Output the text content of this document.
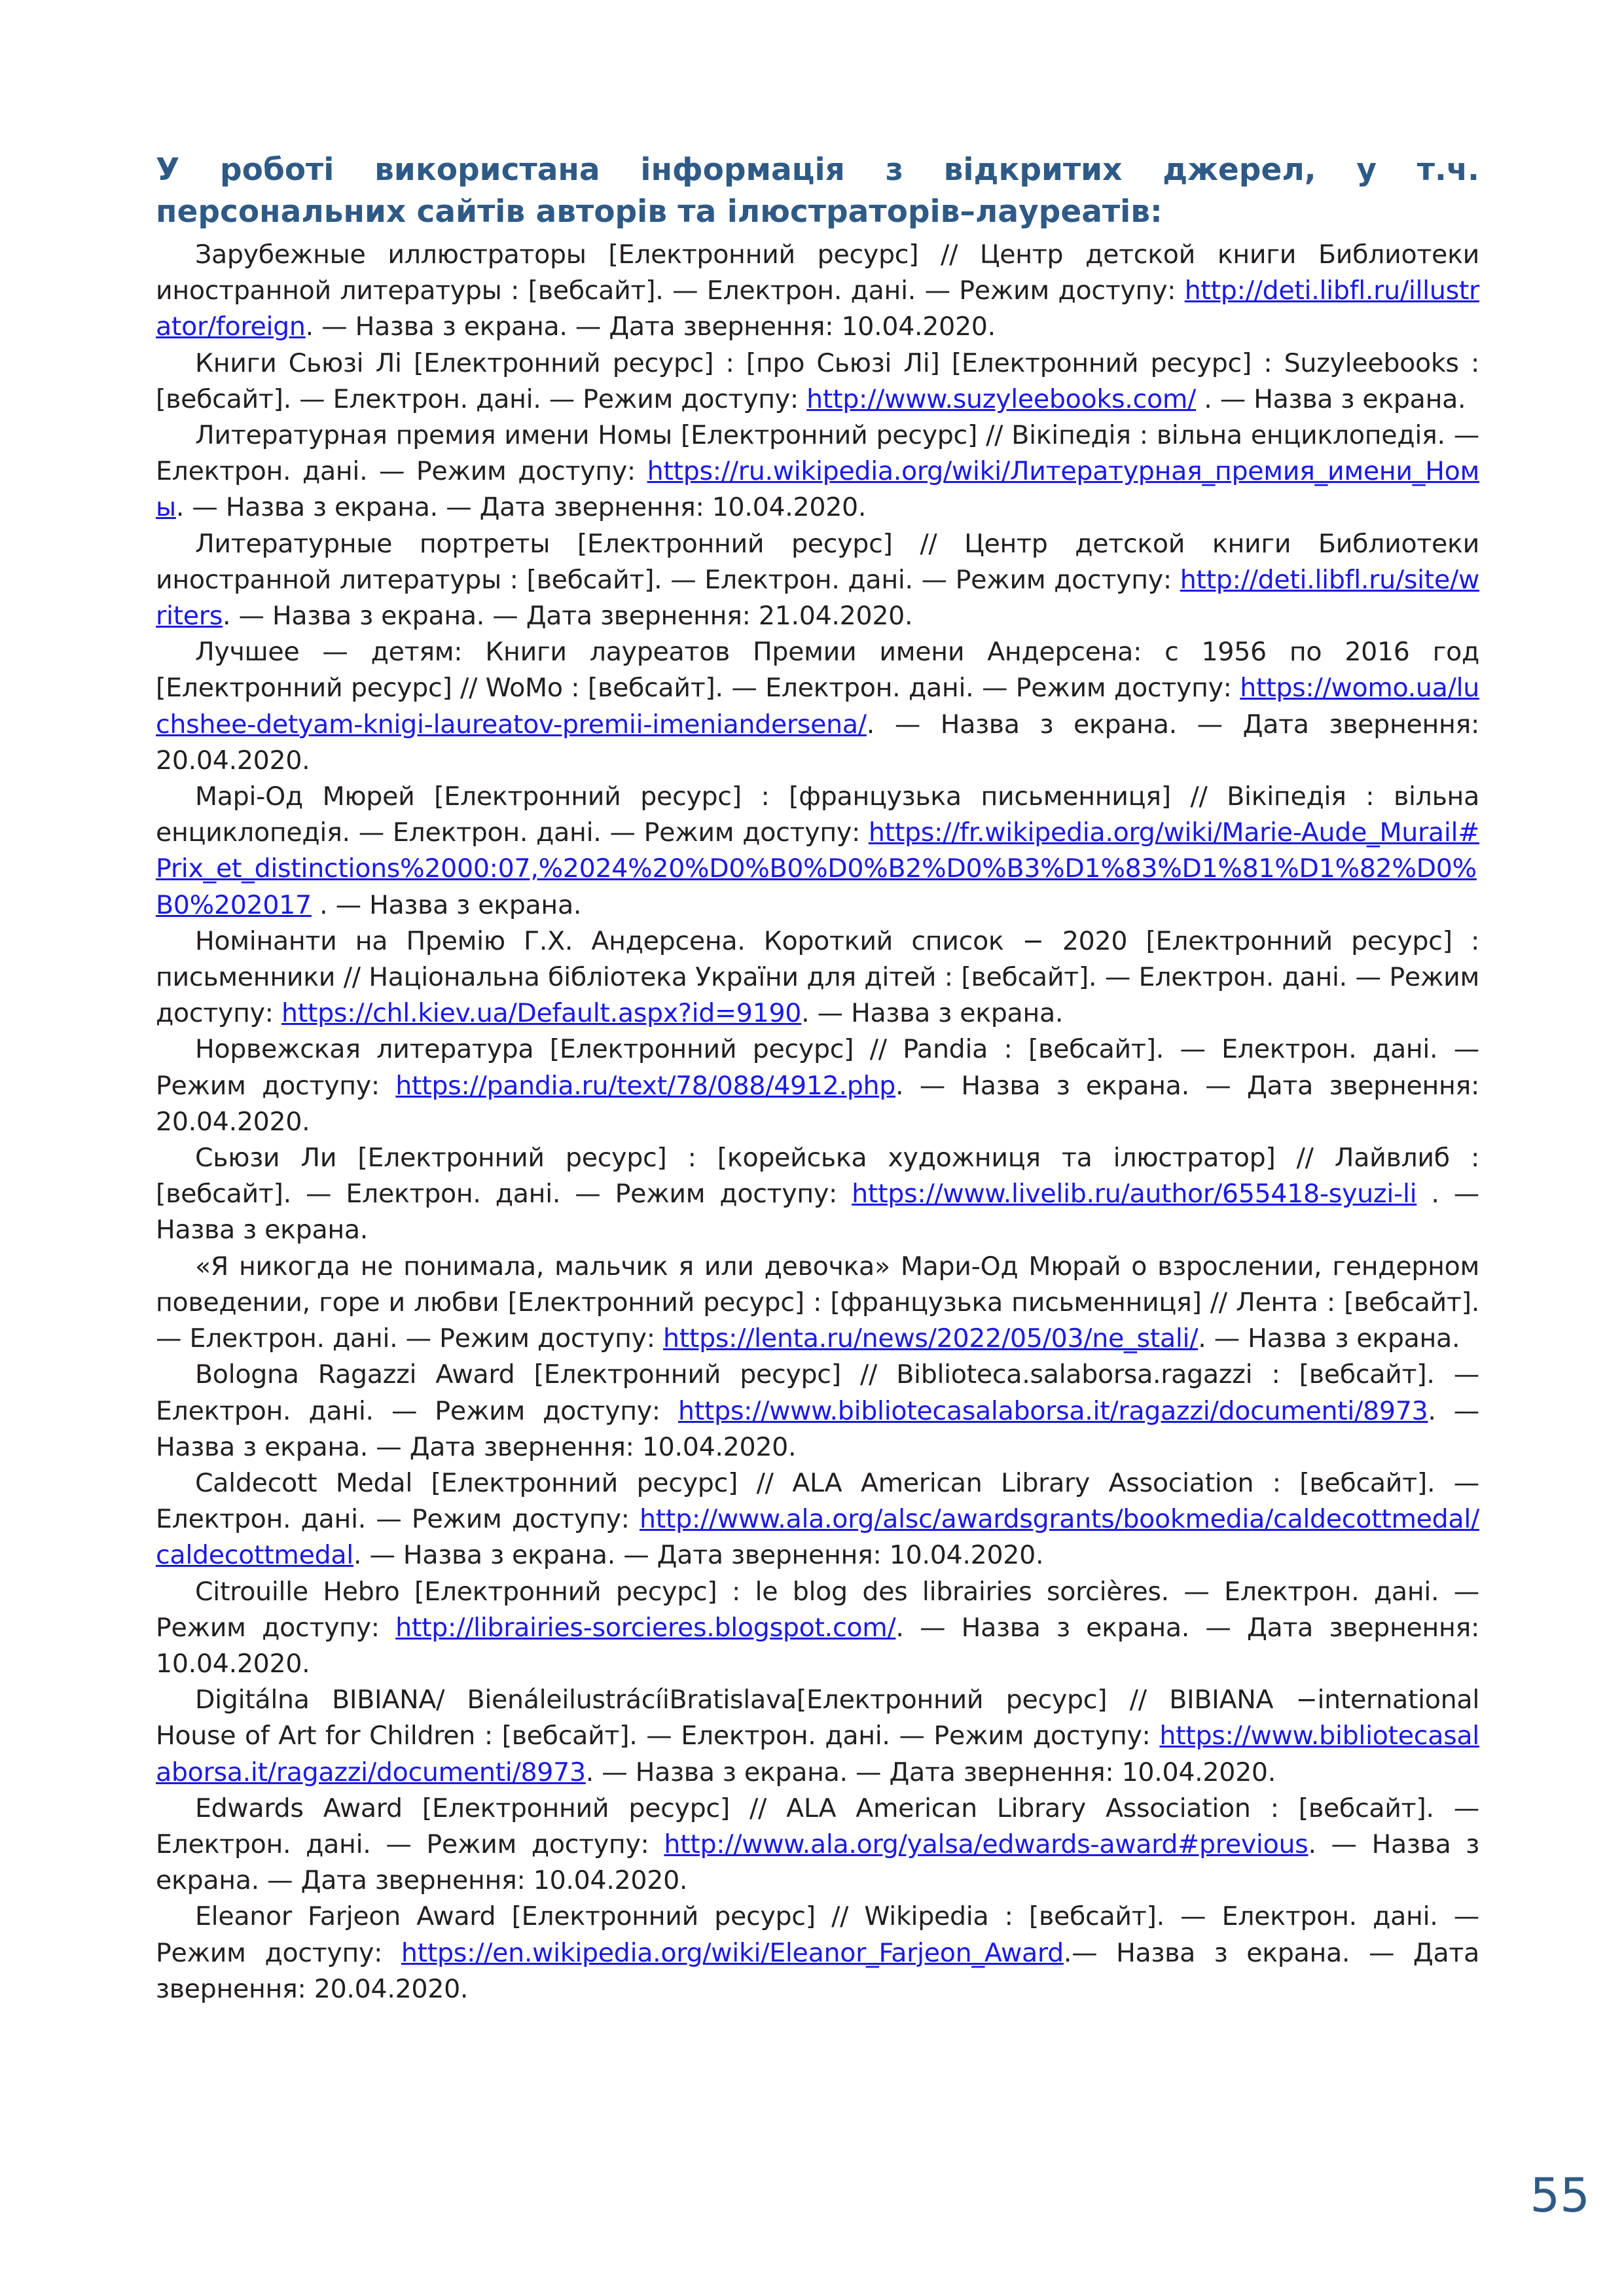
У роботі використана інформація з відкритих джерел, у т.ч. персональних сайтів авторів та ілюстраторів–лауреатів:
Зарубежные иллюстраторы [Електронний ресурс] // Центр детской книги Библиотеки иностранной литературы : [вебсайт]. — Електрон. дані. — Режим доступу: http://deti.libfl.ru/illustrator/foreign. — Назва з екрана. — Дата звернення: 10.04.2020.
Книги Сьюзі Лі [Електронний ресурс] : [про Сьюзі Лі] [Електронний ресурс] : Suzyleebooks : [вебсайт]. — Електрон. дані. — Режим доступу: http://www.suzyleebooks.com/ . — Назва з екрана.
Литературная премия имени Номы [Електронний ресурс] // Вікіпедія : вільна енциклопедія. — Електрон. дані. — Режим доступу: https://ru.wikipedia.org/wiki/Литературная_премия_имени_Номы. — Назва з екрана. — Дата звернення: 10.04.2020.
Литературные портреты [Електронний ресурс] // Центр детской книги Библиотеки иностранной литературы : [вебсайт]. — Електрон. дані. — Режим доступу: http://deti.libfl.ru/site/writers. — Назва з екрана. — Дата звернення: 21.04.2020.
Лучшее — детям: Книги лауреатов Премии имени Андерсена: с 1956 по 2016 год [Електронний ресурс] // WoMo : [вебсайт]. — Електрон. дані. — Режим доступу: https://womo.ua/luchshee-detyam-knigi-laureatov-premii-imeniandersena/. — Назва з екрана. — Дата звернення: 20.04.2020.
Марі-Од Мюрей [Електронний ресурс] : [французька письменниця] // Вікіпедія : вільна енциклопедія. — Електрон. дані. — Режим доступу: https://fr.wikipedia.org/wiki/Marie-Aude_Murail#Prix_et_distinctions%2000:07,%2024%20%D0%B0%D0%B2%D0%B3%D1%83%D1%81%D1%82%D0%B0%202017 . — Назва з екрана.
Номінанти на Премію Г.Х. Андерсена. Короткий список − 2020 [Електронний ресурс] : письменники // Національна бібліотека України для дітей : [вебсайт]. — Електрон. дані. — Режим доступу: https://chl.kiev.ua/Default.aspx?id=9190. — Назва з екрана.
Норвежская литература [Електронний ресурс] // Pandia : [вебсайт]. — Електрон. дані. — Режим доступу: https://pandia.ru/text/78/088/4912.php. — Назва з екрана. — Дата звернення: 20.04.2020.
Сьюзи Ли [Електронний ресурс] : [корейська художниця та ілюстратор] // Лайвлиб : [вебсайт]. — Електрон. дані. — Режим доступу: https://www.livelib.ru/author/655418-syuzi-li . — Назва з екрана.
«Я никогда не понимала, мальчик я или девочка» Мари-Од Мюрай о взрослении, гендерном поведении, горе и любви [Електронний ресурс] : [французька письменниця] // Лента : [вебсайт]. — Електрон. дані. — Режим доступу: https://lenta.ru/news/2022/05/03/ne_stali/. — Назва з екрана.
Bologna Ragazzi Award [Електронний ресурс] // Biblioteca.salaborsa.ragazzi : [вебсайт]. — Електрон. дані. — Режим доступу: https://www.bibliotecasalaborsa.it/ragazzi/documenti/8973. — Назва з екрана. — Дата звернення: 10.04.2020.
Caldecott Medal [Електронний ресурс] // ALA American Library Association : [вебсайт]. — Електрон. дані. — Режим доступу: http://www.ala.org/alsc/awardsgrants/bookmedia/caldecottmedal/caldecottmedal. — Назва з екрана. — Дата звернення: 10.04.2020.
Citrouille Hebro [Електронний ресурс] : le blog des librairies sorcières. — Електрон. дані. — Режим доступу: http://librairies-sorcieres.blogspot.com/. — Назва з екрана. — Дата звернення: 10.04.2020.
Digitálna BIBIANA/ BienáleilustrácíiBratislava[Електронний ресурс] // BIBIANA −international House of Art for Children : [вебсайт]. — Електрон. дані. — Режим доступу: https://www.bibliotecasalaborsa.it/ragazzi/documenti/8973. — Назва з екрана. — Дата звернення: 10.04.2020.
Edwards Award [Електронний ресурс] // ALA American Library Association : [вебсайт]. — Електрон. дані. — Режим доступу: http://www.ala.org/yalsa/edwards-award#previous. — Назва з екрана. — Дата звернення: 10.04.2020.
Eleanor Farjeon Award [Електронний ресурс] // Wikipedia : [вебсайт]. — Електрон. дані. — Режим доступу: https://en.wikipedia.org/wiki/Eleanor_Farjeon_Award.— Назва з екрана. — Дата звернення: 20.04.2020.
55
